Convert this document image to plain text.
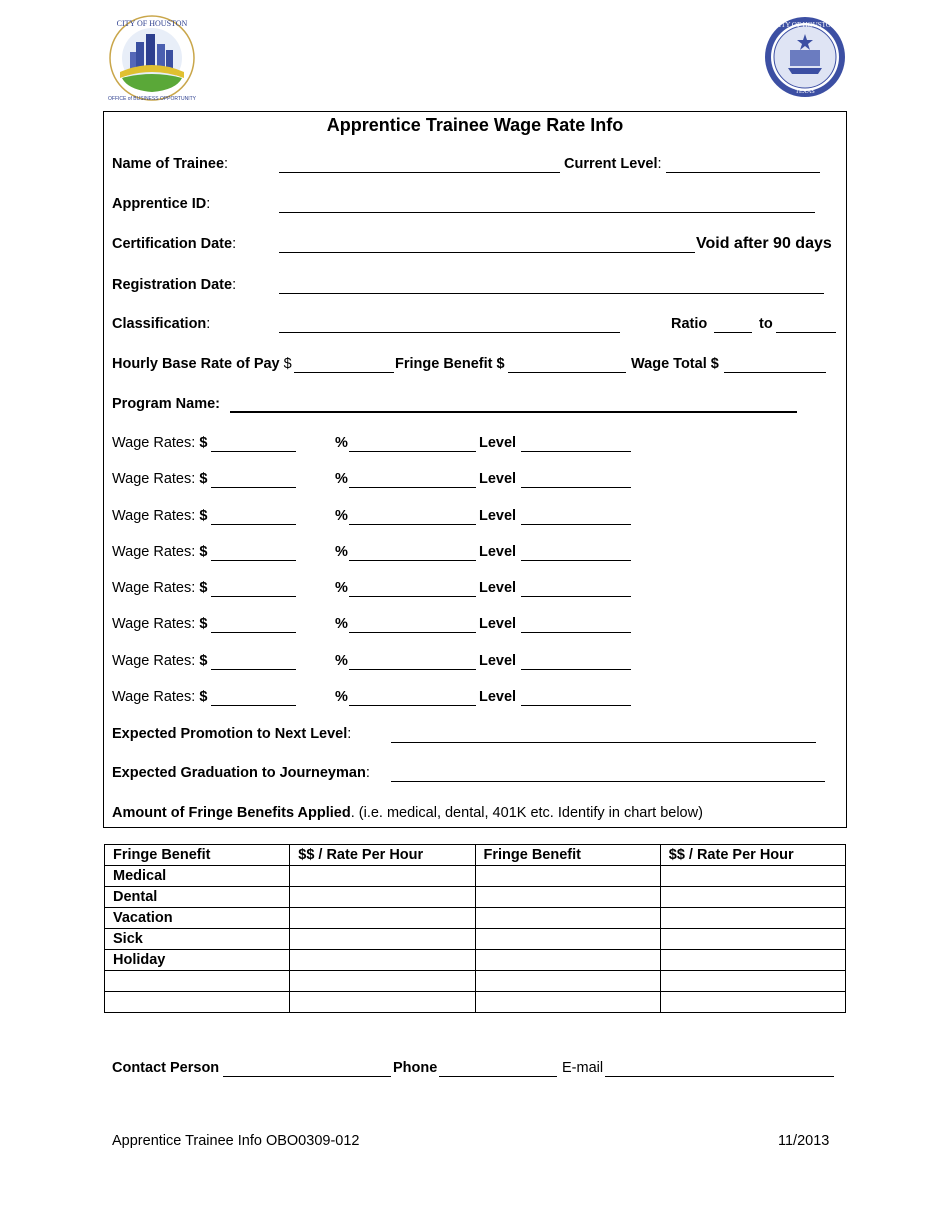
CITY OF HOUSTON
OFFICE of BUSINESS OPPORTUNITY
CITY OF HOUSTON
TEXAS
Apprentice Trainee Wage Rate Info
Name of Trainee:	Current Level:
Apprentice ID:
Certification Date:	Void after 90 days
Registration Date:
Classification:	Ratio	to
Hourly Base Rate of Pay $	Fringe Benefit $	Wage Total $
Program Name:
Wage Rates: $	%	Level
Wage Rates: $	%	Level
Wage Rates: $	%	Level
Wage Rates: $	%	Level
Wage Rates: $	%	Level
Wage Rates: $	%	Level
Wage Rates: $	%	Level
Wage Rates: $	%	Level
Expected Promotion to Next Level:
Expected Graduation to Journeyman:
Amount of Fringe Benefits Applied. (i.e. medical, dental, 401K etc. Identify in chart below)
Fringe Benefit	$$ / Rate Per Hour	Fringe Benefit	$$ / Rate Per Hour
Medical			
Dental			
Vacation			
Sick			
Holiday			

Contact Person	Phone	E-mail
Apprentice Trainee Info OBO0309-012	11/2013
